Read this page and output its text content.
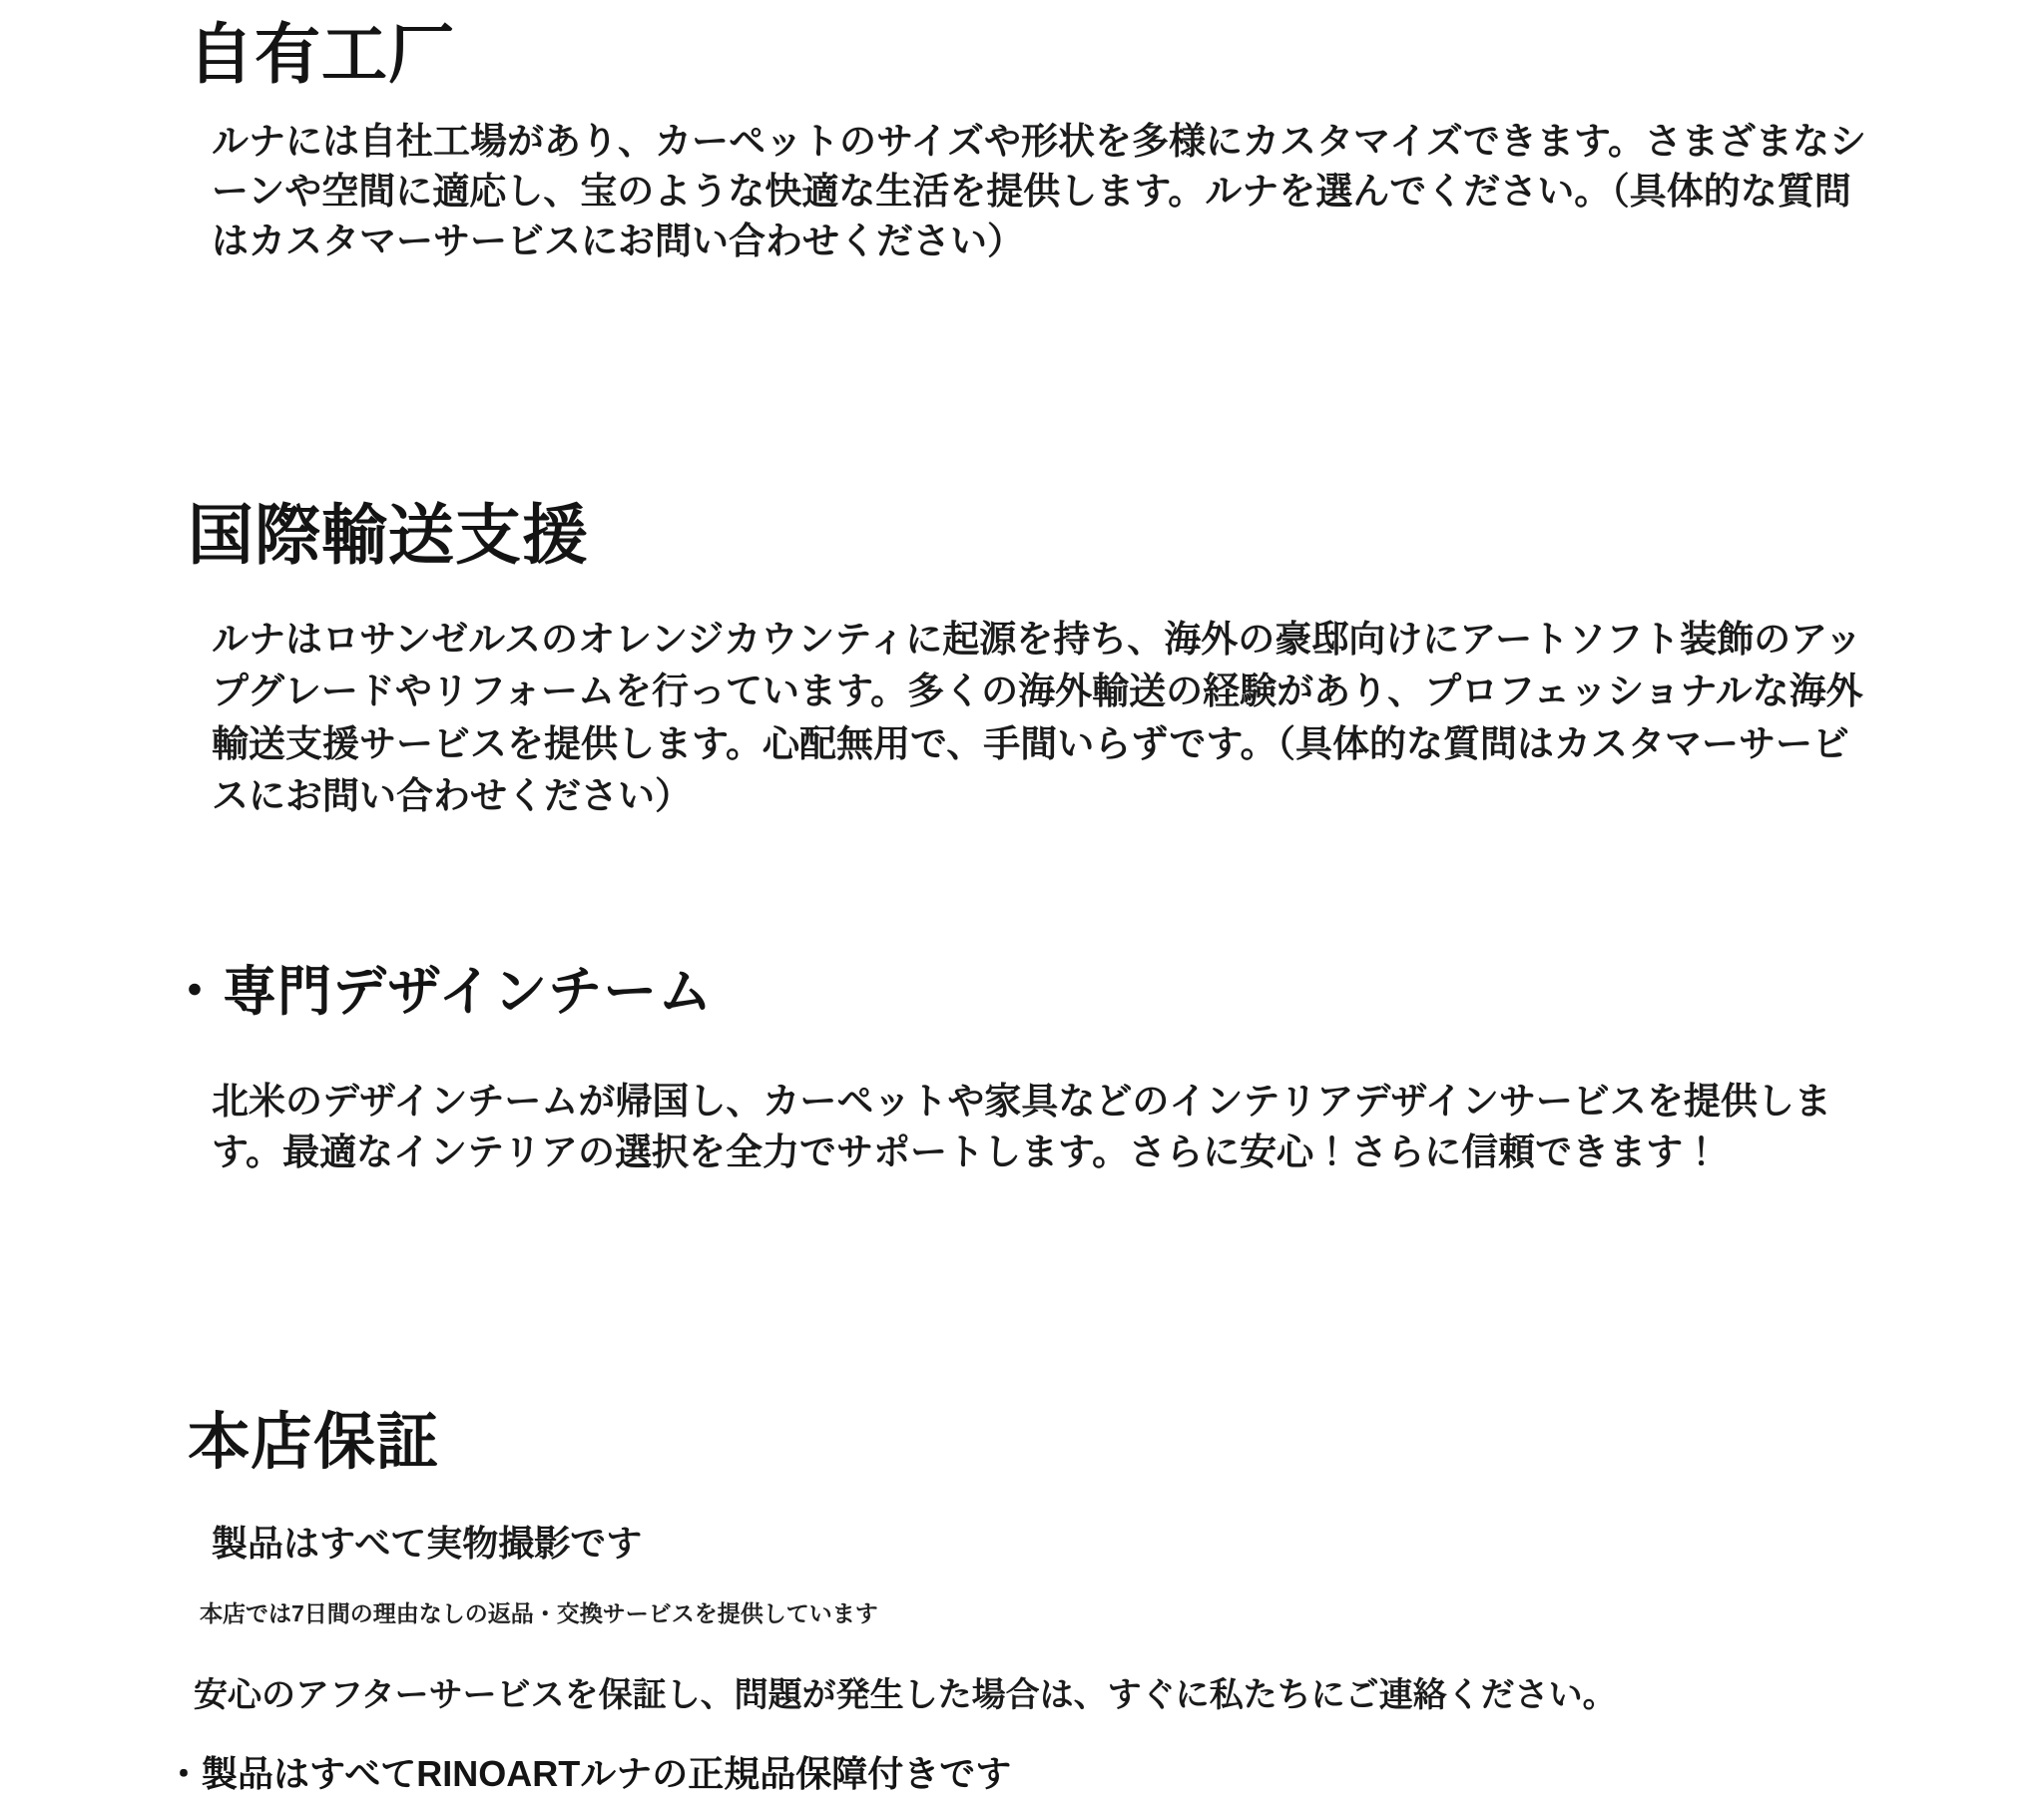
自有工厂

ルナには自社工場があり、カーペットのサイズや形状を多様にカスタマイズできます。さまざまなシーンや空間に適応し、宝のような快適な生活を提供します。ルナを選んでください。（具体的な質問はカスタマーサービスにお問い合わせください）

国際輸送支援

ルナはロサンゼルスのオレンジカウンティに起源を持ち、海外の豪邸向けにアートソフト装飾のアップグレードやリフォームを行っています。多くの海外輸送の経験があり、プロフェッショナルな海外輸送支援サービスを提供します。心配無用で、手間いらずです。（具体的な質問はカスタマーサービスにお問い合わせください）

・専門デザインチーム

北米のデザインチームが帰国し、カーペットや家具などのインテリアデザインサービスを提供します。最適なインテリアの選択を全力でサポートします。さらに安心！さらに信頼できます！

本店保証

製品はすべて実物撮影です

本店では7日間の理由なしの返品・交換サービスを提供しています

安心のアフターサービスを保証し、問題が発生した場合は、すぐに私たちにご連絡ください。

・製品はすべてRINOARTルナの正規品保障付きです
